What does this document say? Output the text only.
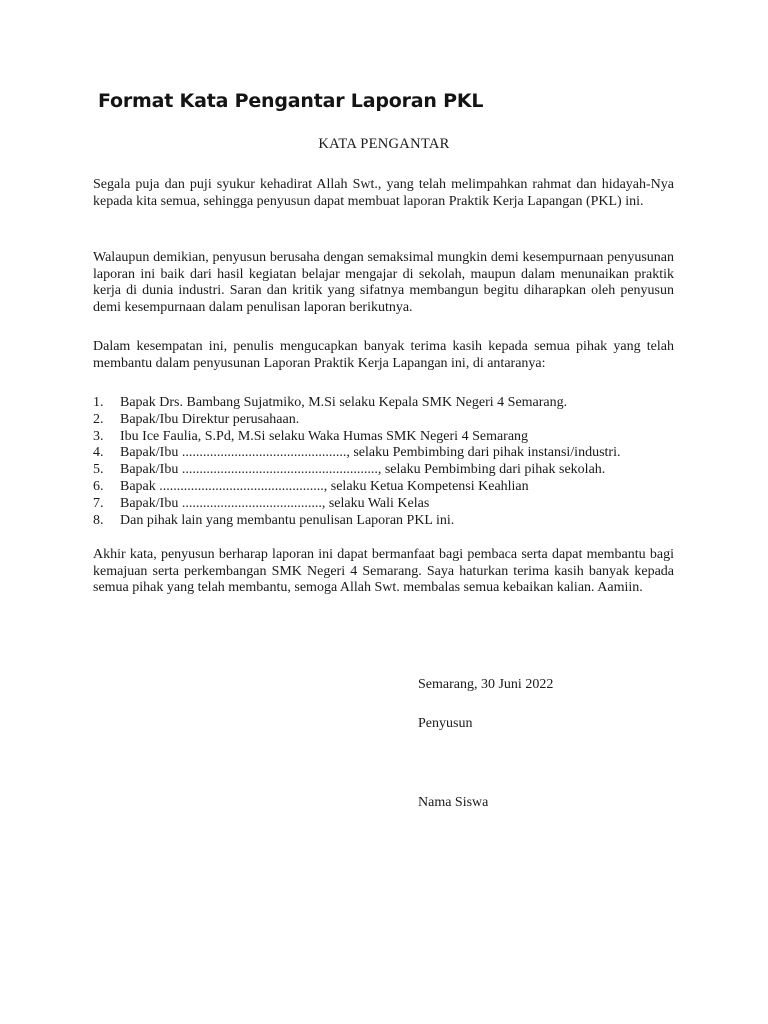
Format Kata Pengantar Laporan PKL
KATA PENGANTAR

Segala puja dan puji syukur kehadirat Allah Swt., yang telah melimpahkan rahmat dan hidayah-Nya kepada kita semua, sehingga penyusun dapat membuat laporan Praktik Kerja Lapangan (PKL) ini.

Walaupun demikian, penyusun berusaha dengan semaksimal mungkin demi kesempurnaan penyusunan laporan ini baik dari hasil kegiatan belajar mengajar di sekolah, maupun dalam menunaikan praktik kerja di dunia industri. Saran dan kritik yang sifatnya membangun begitu diharapkan oleh penyusun demi kesempurnaan dalam penulisan laporan berikutnya.

Dalam kesempatan ini, penulis mengucapkan banyak terima kasih kepada semua pihak yang telah membantu dalam penyusunan Laporan Praktik Kerja Lapangan ini, di antaranya:

1. Bapak Drs. Bambang Sujatmiko, M.Si selaku Kepala SMK Negeri 4 Semarang.
2. Bapak/Ibu Direktur perusahaan.
3. Ibu Ice Faulia, S.Pd, M.Si selaku Waka Humas SMK Negeri 4 Semarang
4. Bapak/Ibu ..............................................., selaku Pembimbing dari pihak instansi/industri.
5. Bapak/Ibu ........................................................, selaku Pembimbing dari pihak sekolah.
6. Bapak ..............................................., selaku Ketua Kompetensi Keahlian
7. Bapak/Ibu ........................................, selaku Wali Kelas
8. Dan pihak lain yang membantu penulisan Laporan PKL ini.

Akhir kata, penyusun berharap laporan ini dapat bermanfaat bagi pembaca serta dapat membantu bagi kemajuan serta perkembangan SMK Negeri 4 Semarang. Saya haturkan terima kasih banyak kepada semua pihak yang telah membantu, semoga Allah Swt. membalas semua kebaikan kalian. Aamiin.

Semarang, 30 Juni 2022

Penyusun

Nama Siswa
